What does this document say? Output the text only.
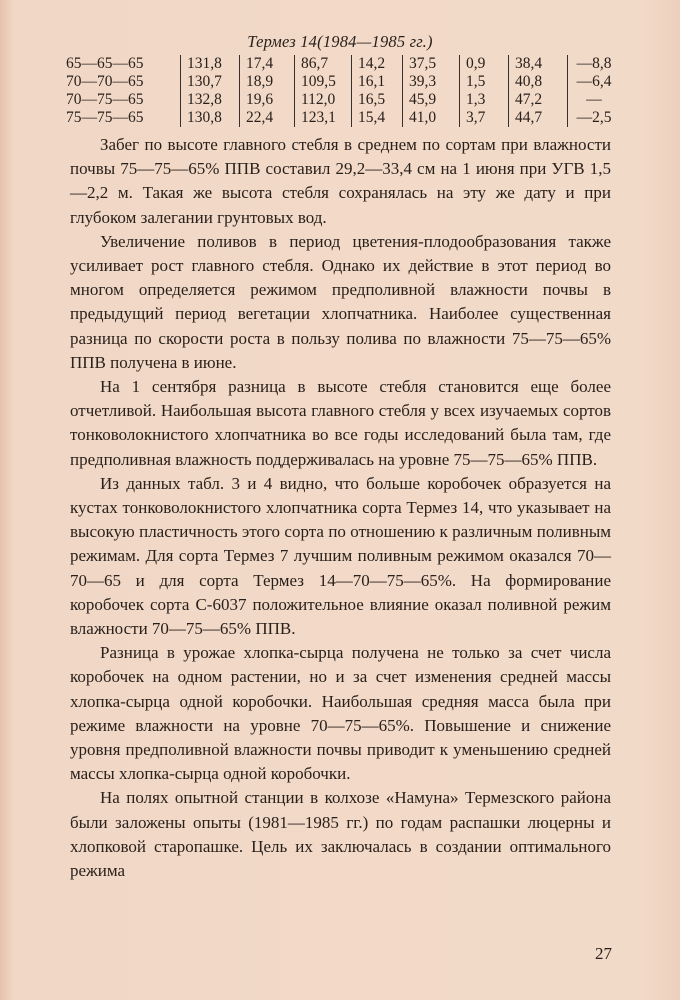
Термез 14(1984—1985 гг.)
65—65—65	131,8	17,4	86,7	14,2	37,5	0,9	38,4	—8,8
70—70—65	130,7	18,9	109,5	16,1	39,3	1,5	40,8	—6,4
70—75—65	132,8	19,6	112,0	16,5	45,9	1,3	47,2	—
75—75—65	130,8	22,4	123,1	15,4	41,0	3,7	44,7	—2,5

Забег по высоте главного стебля в среднем по сортам при влажности почвы 75—75—65% ППВ составил 29,2—33,4 см на 1 июня при УГВ 1,5—2,2 м. Такая же высота стебля сохранялась на эту же дату и при глубоком залегании грунтовых вод.

Увеличение поливов в период цветения-плодообразования также усиливает рост главного стебля. Однако их действие в этот период во многом определяется режимом предполивной влажности почвы в предыдущий период вегетации хлопчатника. Наиболее существенная разница по скорости роста в пользу полива по влажности 75—75—65% ППВ получена в июне.

На 1 сентября разница в высоте стебля становится еще более отчетливой. Наибольшая высота главного стебля у всех изучаемых сортов тонковолокнистого хлопчатника во все годы исследований была там, где предполивная влажность поддерживалась на уровне 75—75—65% ППВ.

Из данных табл. 3 и 4 видно, что больше коробочек образуется на кустах тонковолокнистого хлопчатника сорта Термез 14, что указывает на высокую пластичность этого сорта по отношению к различным поливным режимам. Для сорта Термез 7 лучшим поливным режимом оказался 70—70—65 и для сорта Термез 14—70—75—65%. На формирование коробочек сорта С-6037 положительное влияние оказал поливной режим влажности 70—75—65% ППВ.

Разница в урожае хлопка-сырца получена не только за счет числа коробочек на одном растении, но и за счет изменения средней массы хлопка-сырца одной коробочки. Наибольшая средняя масса была при режиме влажности на уровне 70—75—65%. Повышение и снижение уровня предполивной влажности почвы приводит к уменьшению средней массы хлопка-сырца одной коробочки.

На полях опытной станции в колхозе «Намуна» Термезского района были заложены опыты (1981—1985 гг.) по годам распашки люцерны и хлопковой старопашке. Цель их заключалась в создании оптимального режима

27
